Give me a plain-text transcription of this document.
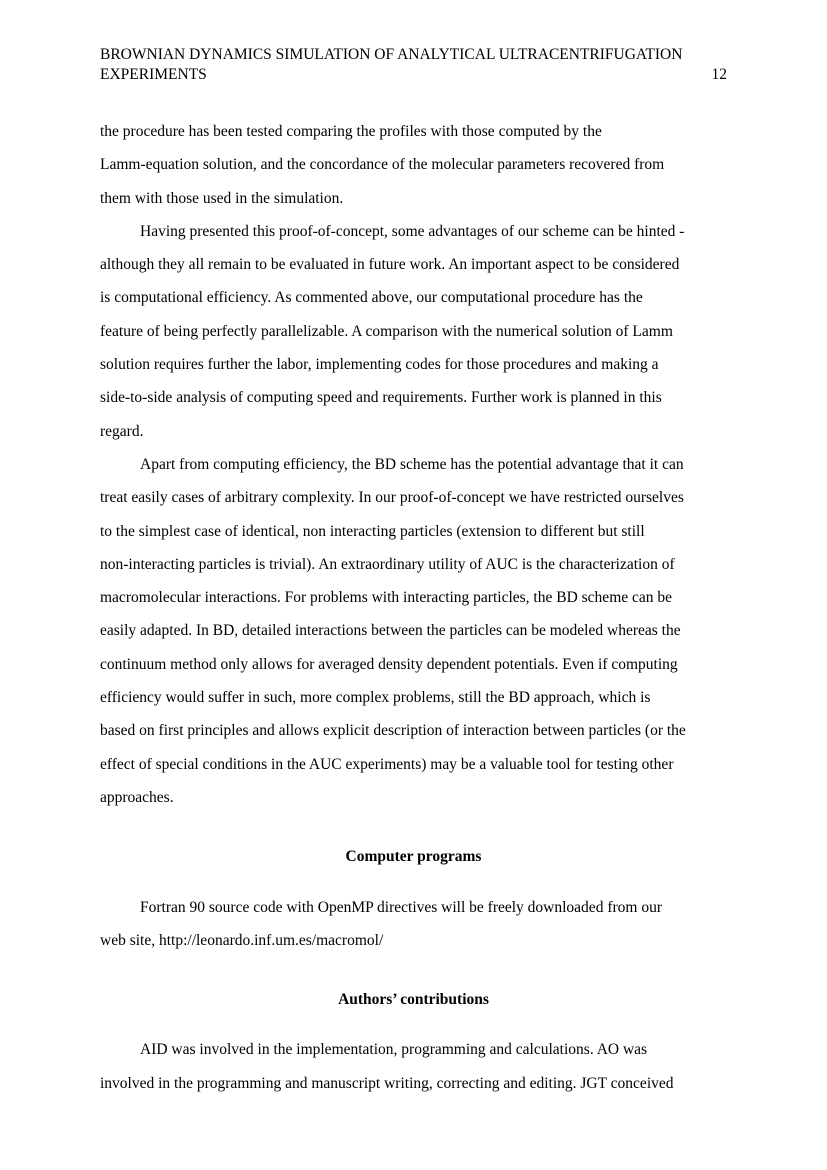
BROWNIAN DYNAMICS SIMULATION OF ANALYTICAL ULTRACENTRIFUGATION
EXPERIMENTS	12

the procedure has been tested comparing the profiles with those computed by the
Lamm-equation solution, and the concordance of the molecular parameters recovered from
them with those used in the simulation.

Having presented this proof-of-concept, some advantages of our scheme can be hinted -
although they all remain to be evaluated in future work. An important aspect to be considered
is computational efficiency. As commented above, our computational procedure has the
feature of being perfectly parallelizable. A comparison with the numerical solution of Lamm
solution requires further the labor, implementing codes for those procedures and making a
side-to-side analysis of computing speed and requirements. Further work is planned in this
regard.

Apart from computing efficiency, the BD scheme has the potential advantage that it can
treat easily cases of arbitrary complexity. In our proof-of-concept we have restricted ourselves
to the simplest case of identical, non interacting particles (extension to different but still
non-interacting particles is trivial). An extraordinary utility of AUC is the characterization of
macromolecular interactions. For problems with interacting particles, the BD scheme can be
easily adapted. In BD, detailed interactions between the particles can be modeled whereas the
continuum method only allows for averaged density dependent potentials. Even if computing
efficiency would suffer in such, more complex problems, still the BD approach, which is
based on first principles and allows explicit description of interaction between particles (or the
effect of special conditions in the AUC experiments) may be a valuable tool for testing other
approaches.

Computer programs

Fortran 90 source code with OpenMP directives will be freely downloaded from our
web site, http://leonardo.inf.um.es/macromol/

Authors’ contributions

AID was involved in the implementation, programming and calculations. AO was
involved in the programming and manuscript writing, correcting and editing. JGT conceived
